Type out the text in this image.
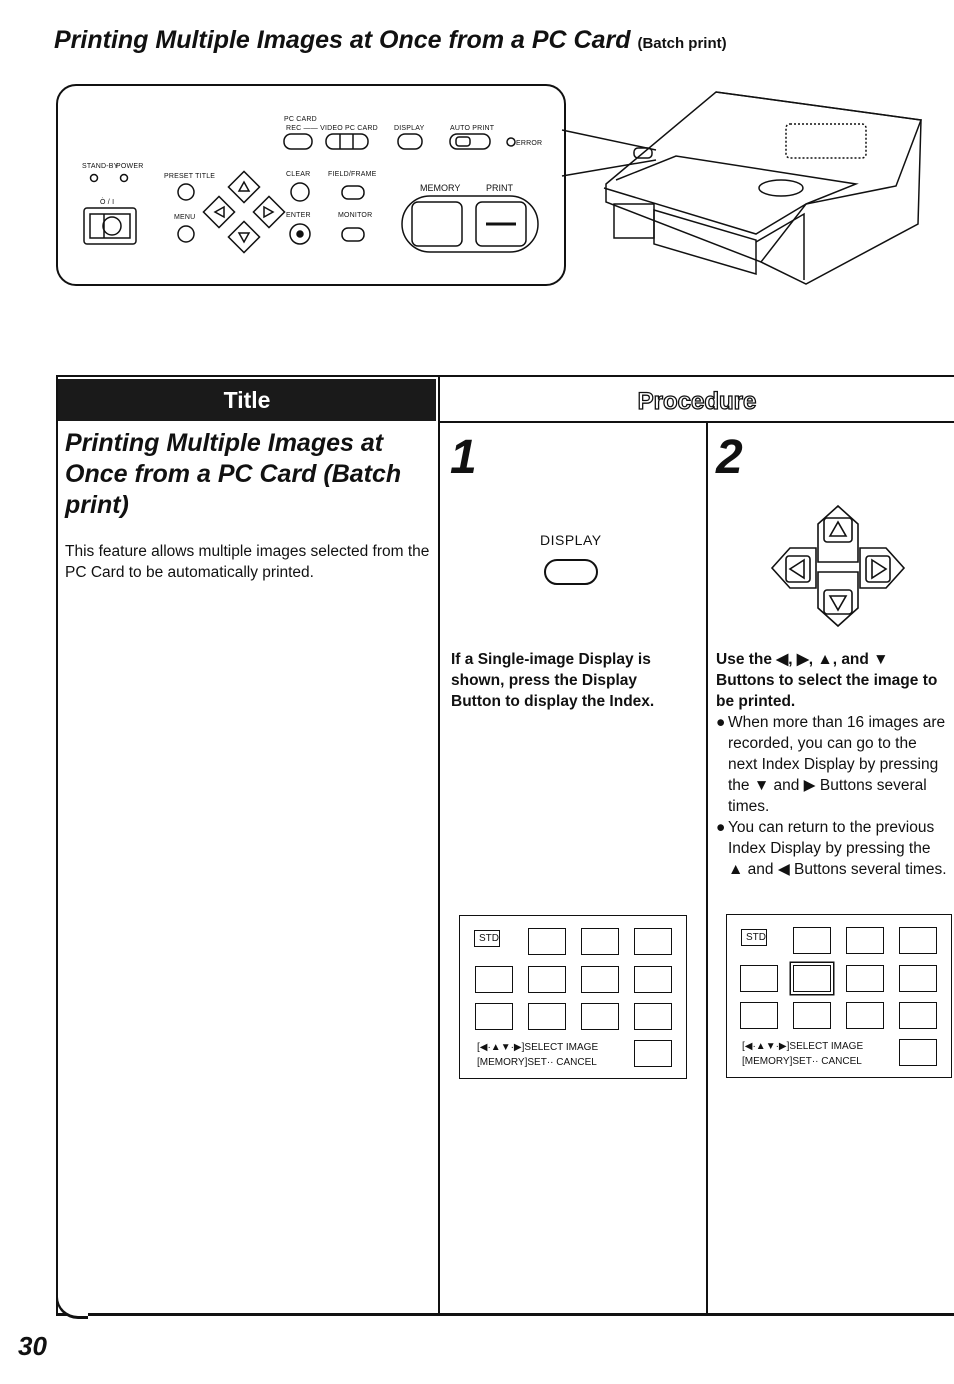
Printing Multiple Images at Once from a PC Card (Batch print)
PC CARD
REC —— VIDEO PC CARD DISPLAY	AUTO PRINT
ERROR
STAND-BY
POWER
Ò / I
PRESET TITLE
MENU
CLEAR	FIELD/FRAME
ENTER	MONITOR
MEMORY	PRINT
Title	Procedure
Printing Multiple Images at Once from a PC Card (Batch print)
This feature allows multiple images selected from the PC Card to be automatically printed.
1
DISPLAY
If a Single-image Display is shown, press the Display Button to display the Index.
2
Use the ◀, ▶, ▲, and ▼ Buttons to select the image to be printed.
● When more than 16 images are recorded, you can go to the next Index Display by pressing the ▼ and ▶ Buttons several times.
● You can return to the previous Index Display by pressing the ▲ and ◀ Buttons several times.
STD
[◀·▲▼·▶]SELECT IMAGE
[MEMORY]SET·· CANCEL
STD
[◀·▲▼·▶]SELECT IMAGE
[MEMORY]SET·· CANCEL
30
